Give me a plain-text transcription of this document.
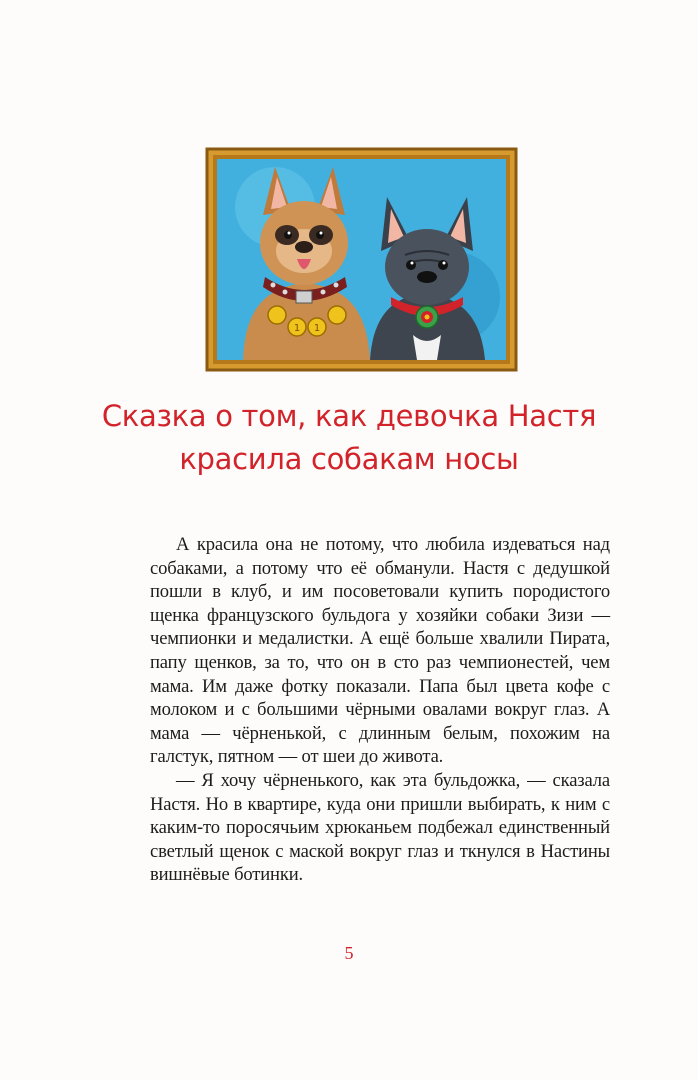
1 1
Сказка о том, как девочка Настя
красила собакам носы

А красила она не потому, что любила издеваться над собаками, а потому что её обманули. Настя с дедушкой пошли в клуб, и им посоветовали купить породистого щенка французского бульдога у хозяйки собаки Зизи — чемпионки и медалистки. А ещё больше хвалили Пирата, папу щенков, за то, что он в сто раз чемпионестей, чем мама. Им даже фотку показали. Папа был цвета кофе с молоком и с большими чёрными овалами вокруг глаз. А мама — чёрненькой, с длинным белым, похожим на галстук, пятном — от шеи до живота.

— Я хочу чёрненького, как эта бульдожка, — сказала Настя. Но в квартире, куда они пришли выбирать, к ним с каким-то поросячьим хрюканьем подбежал единственный светлый щенок с маской вокруг глаз и ткнулся в Настины вишнёвые ботинки.

5
